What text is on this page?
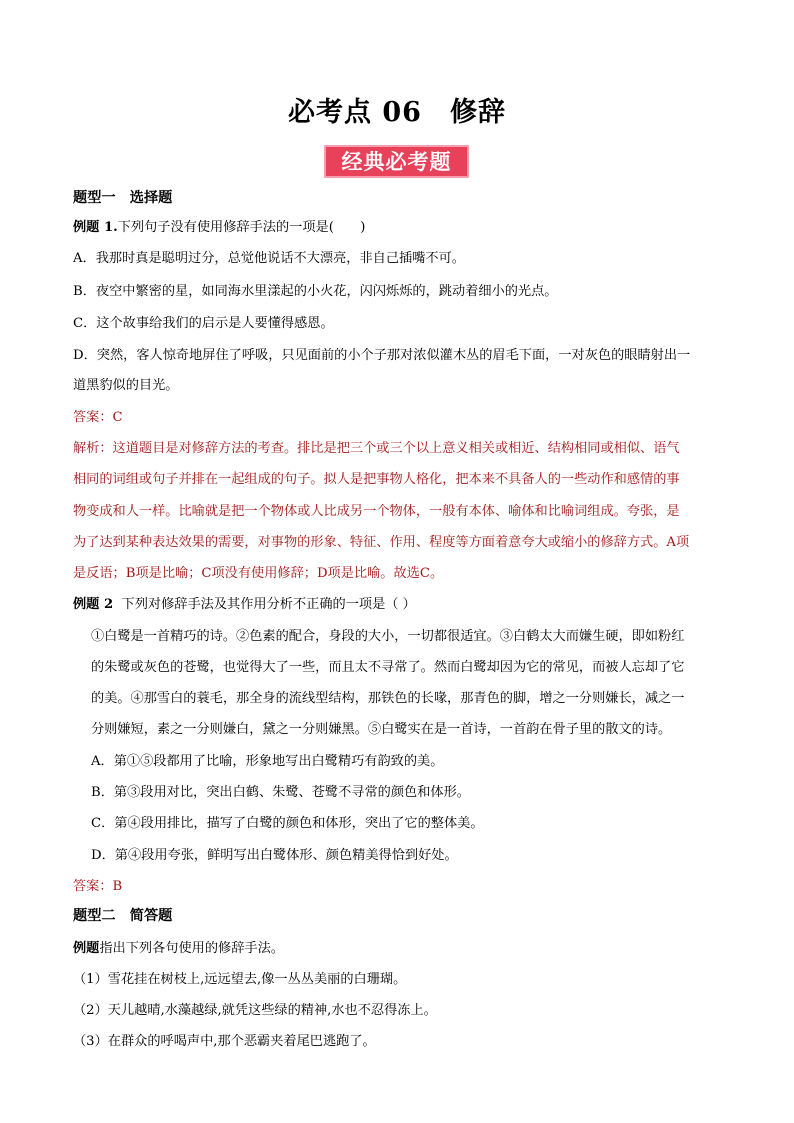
必考点 06　修辞
经典必考题
题型一　选择题
例题 1.下列句子没有使用修辞手法的一项是(　　)
A．我那时真是聪明过分，总觉他说话不大漂亮，非自己插嘴不可。
B．夜空中繁密的星，如同海水里漾起的小火花，闪闪烁烁的，跳动着细小的光点。
C．这个故事给我们的启示是人要懂得感恩。
D．突然，客人惊奇地屏住了呼吸，只见面前的小个子那对浓似灌木丛的眉毛下面，一对灰色的眼睛射出一
道黑豹似的目光。
答案：C
解析：这道题目是对修辞方法的考查。排比是把三个或三个以上意义相关或相近、结构相同或相似、语气
相同的词组或句子并排在一起组成的句子。拟人是把事物人格化，把本来不具备人的一些动作和感情的事
物变成和人一样。比喻就是把一个物体或人比成另一个物体，一般有本体、喻体和比喻词组成。夸张，是
为了达到某种表达效果的需要，对事物的形象、特征、作用、程度等方面着意夸大或缩小的修辞方式。A项
是反语；B项是比喻；C项没有使用修辞；D项是比喻。故选C。
例题 2 下列对修辞手法及其作用分析不正确的一项是（ ）
①白鹭是一首精巧的诗。②色素的配合，身段的大小，一切都很适宜。③白鹤太大而嫌生硬，即如粉红
的朱鹭或灰色的苍鹭，也觉得大了一些，而且太不寻常了。然而白鹭却因为它的常见，而被人忘却了它
的美。④那雪白的蓑毛，那全身的流线型结构，那铁色的长喙，那青色的脚，增之一分则嫌长，减之一
分则嫌短，素之一分则嫌白，黛之一分则嫌黑。⑤白鹭实在是一首诗，一首韵在骨子里的散文的诗。
A．第①⑤段都用了比喻，形象地写出白鹭精巧有韵致的美。
B．第③段用对比，突出白鹤、朱鹭、苍鹭不寻常的颜色和体形。
C．第④段用排比，描写了白鹭的颜色和体形，突出了它的整体美。
D．第④段用夸张，鲜明写出白鹭体形、颜色精美得恰到好处。
答案：B
题型二　简答题
例题指出下列各句使用的修辞手法。
（1）雪花挂在树枝上,远远望去,像一丛丛美丽的白珊瑚。
（2）天儿越晴,水藻越绿,就凭这些绿的精神,水也不忍得冻上。
（3）在群众的呼喝声中,那个恶霸夹着尾巴逃跑了。
